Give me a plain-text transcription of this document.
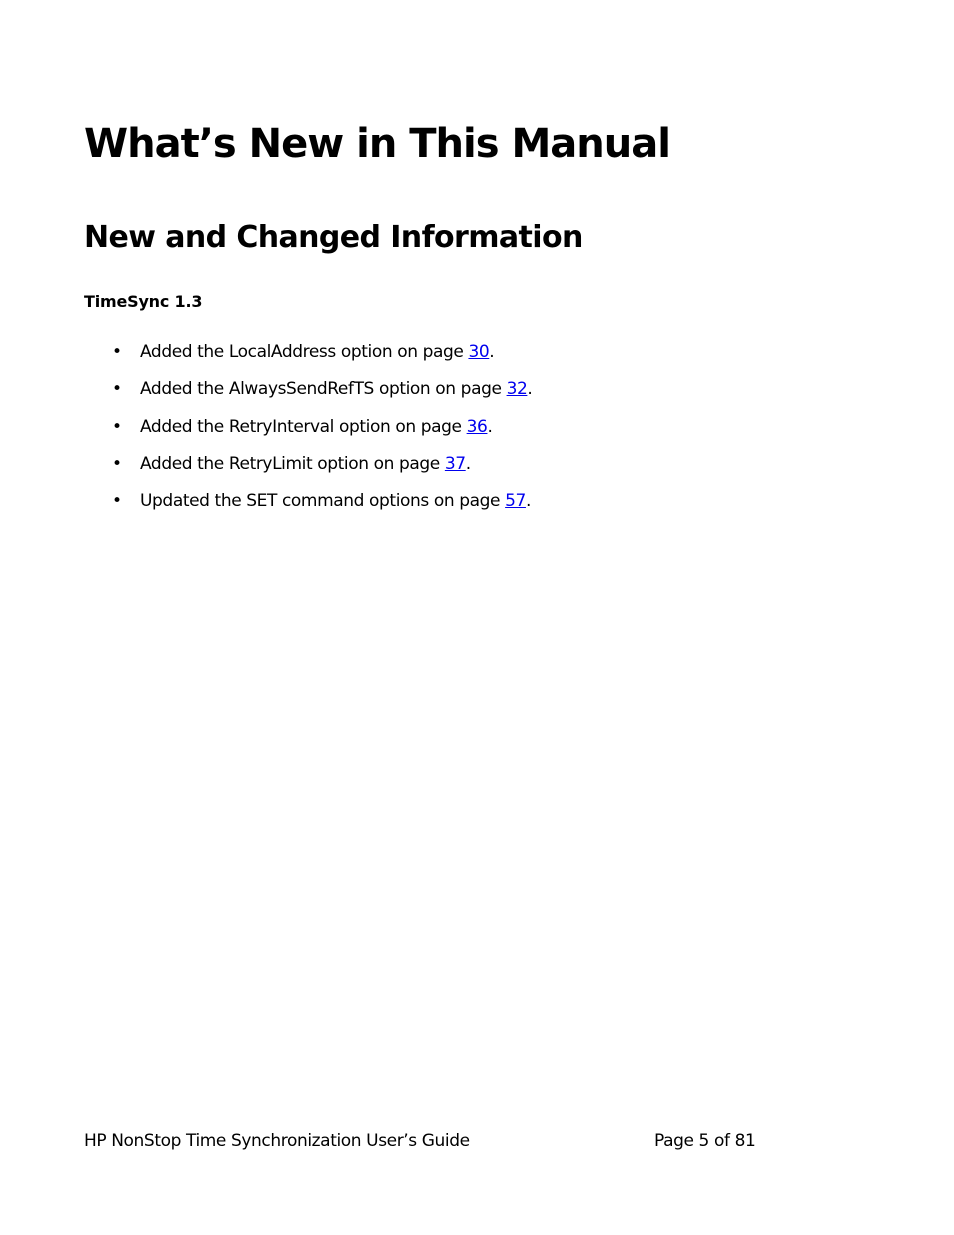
What’s New in This Manual
New and Changed Information
TimeSync 1.3
• Added the LocalAddress option on page 30.
• Added the AlwaysSendRefTS option on page 32.
• Added the RetryInterval option on page 36.
• Added the RetryLimit option on page 37.
• Updated the SET command options on page 57.
HP NonStop Time Synchronization User’s Guide	Page 5 of 81
